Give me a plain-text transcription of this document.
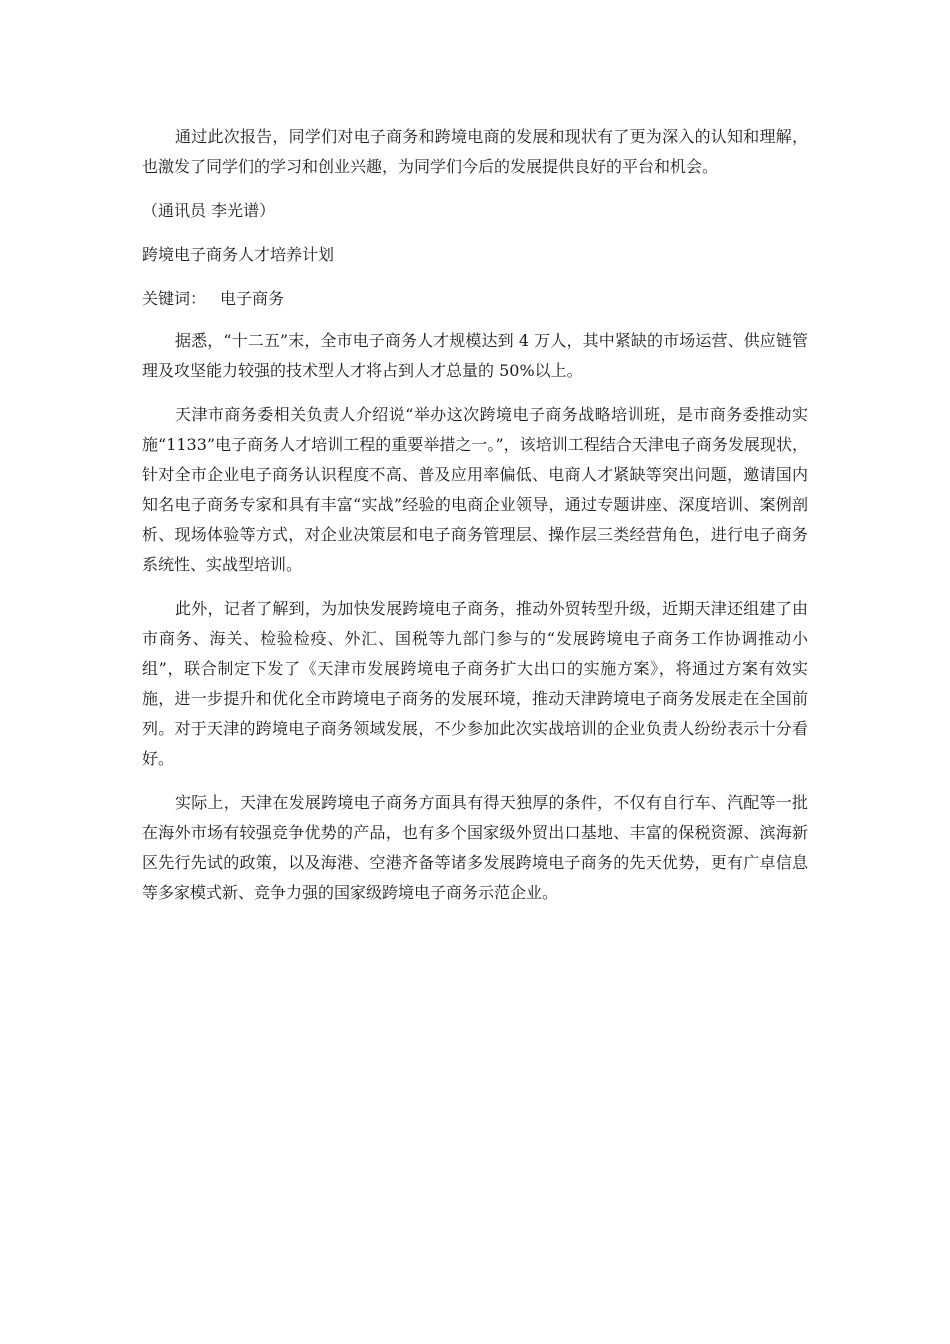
通过此次报告，同学们对电子商务和跨境电商的发展和现状有了更为深入的认知和理解，也激发了同学们的学习和创业兴趣，为同学们今后的发展提供良好的平台和机会。

（通讯员 李光谱）

跨境电子商务人才培养计划

关键词： 电子商务

据悉，“十二五”末，全市电子商务人才规模达到 4 万人，其中紧缺的市场运营、供应链管理及攻坚能力较强的技术型人才将占到人才总量的 50%以上。

天津市商务委相关负责人介绍说“举办这次跨境电子商务战略培训班，是市商务委推动实施“1133”电子商务人才培训工程的重要举措之一。”，该培训工程结合天津电子商务发展现状，针对全市企业电子商务认识程度不高、普及应用率偏低、电商人才紧缺等突出问题，邀请国内知名电子商务专家和具有丰富“实战”经验的电商企业领导，通过专题讲座、深度培训、案例剖析、现场体验等方式，对企业决策层和电子商务管理层、操作层三类经营角色，进行电子商务系统性、实战型培训。

此外，记者了解到，为加快发展跨境电子商务，推动外贸转型升级，近期天津还组建了由市商务、海关、检验检疫、外汇、国税等九部门参与的“发展跨境电子商务工作协调推动小组”，联合制定下发了《天津市发展跨境电子商务扩大出口的实施方案》，将通过方案有效实施，进一步提升和优化全市跨境电子商务的发展环境，推动天津跨境电子商务发展走在全国前列。对于天津的跨境电子商务领域发展，不少参加此次实战培训的企业负责人纷纷表示十分看好。

实际上，天津在发展跨境电子商务方面具有得天独厚的条件，不仅有自行车、汽配等一批在海外市场有较强竞争优势的产品，也有多个国家级外贸出口基地、丰富的保税资源、滨海新区先行先试的政策，以及海港、空港齐备等诸多发展跨境电子商务的先天优势，更有广卓信息等多家模式新、竞争力强的国家级跨境电子商务示范企业。
